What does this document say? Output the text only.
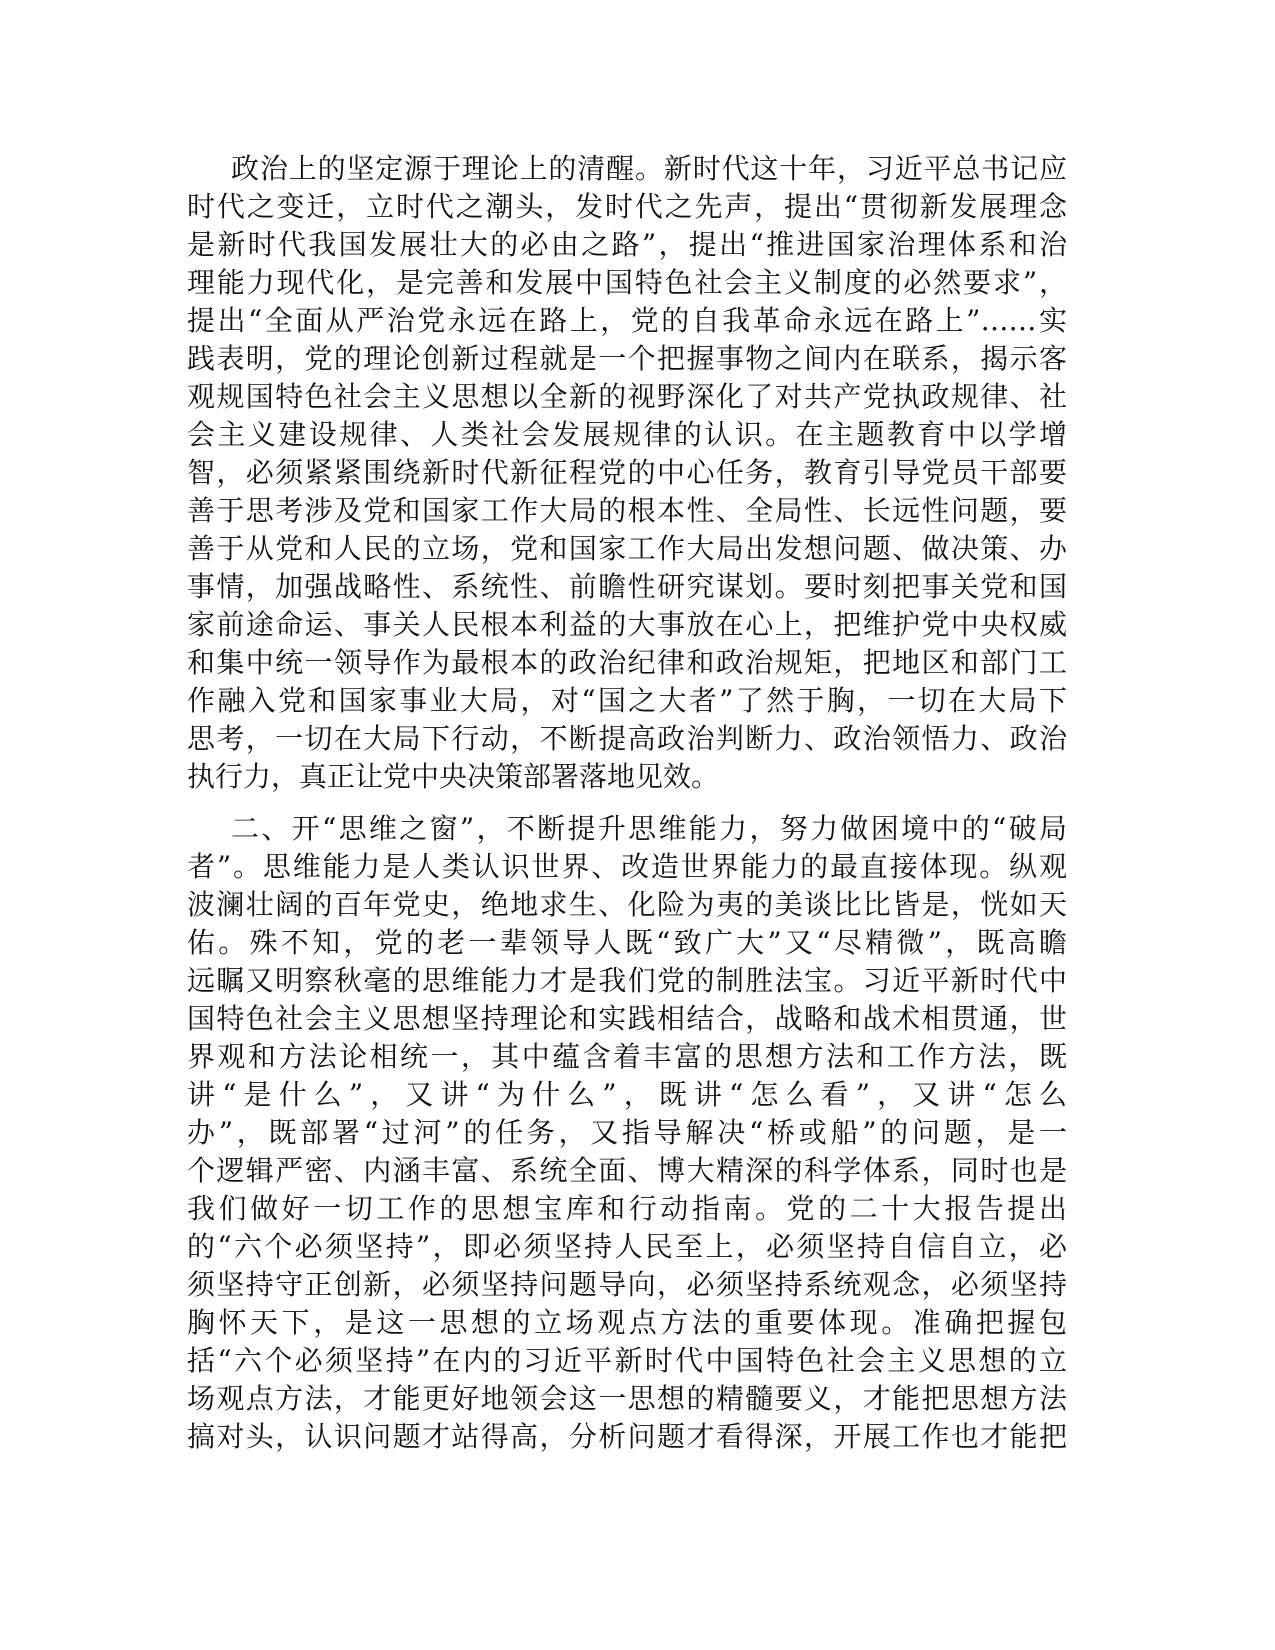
政治上的坚定源于理论上的清醒。新时代这十年，习近平总书记应
时代之变迁，立时代之潮头，发时代之先声，提出“贯彻新发展理念
是新时代我国发展壮大的必由之路”，提出“推进国家治理体系和治
理能力现代化，是完善和发展中国特色社会主义制度的必然要求”，
提出“全面从严治党永远在路上，党的自我革命永远在路上”……实
践表明，党的理论创新过程就是一个把握事物之间内在联系，揭示客
观规国特色社会主义思想以全新的视野深化了对共产党执政规律、社
会主义建设规律、人类社会发展规律的认识。在主题教育中以学增
智，必须紧紧围绕新时代新征程党的中心任务，教育引导党员干部要
善于思考涉及党和国家工作大局的根本性、全局性、长远性问题，要
善于从党和人民的立场，党和国家工作大局出发想问题、做决策、办
事情，加强战略性、系统性、前瞻性研究谋划。要时刻把事关党和国
家前途命运、事关人民根本利益的大事放在心上，把维护党中央权威
和集中统一领导作为最根本的政治纪律和政治规矩，把地区和部门工
作融入党和国家事业大局，对“国之大者”了然于胸，一切在大局下
思考，一切在大局下行动，不断提高政治判断力、政治领悟力、政治
执行力，真正让党中央决策部署落地见效。
二、开“思维之窗”，不断提升思维能力，努力做困境中的“破局
者”。思维能力是人类认识世界、改造世界能力的最直接体现。纵观
波澜壮阔的百年党史，绝地求生、化险为夷的美谈比比皆是，恍如天
佑。殊不知，党的老一辈领导人既“致广大”又“尽精微”，既高瞻
远瞩又明察秋毫的思维能力才是我们党的制胜法宝。习近平新时代中
国特色社会主义思想坚持理论和实践相结合，战略和战术相贯通，世
界观和方法论相统一，其中蕴含着丰富的思想方法和工作方法，既
讲“是什么”，又讲“为什么”，既讲“怎么看”，又讲“怎么
办”，既部署“过河”的任务，又指导解决“桥或船”的问题，是一
个逻辑严密、内涵丰富、系统全面、博大精深的科学体系，同时也是
我们做好一切工作的思想宝库和行动指南。党的二十大报告提出
的“六个必须坚持”，即必须坚持人民至上，必须坚持自信自立，必
须坚持守正创新，必须坚持问题导向，必须坚持系统观念，必须坚持
胸怀天下，是这一思想的立场观点方法的重要体现。准确把握包
括“六个必须坚持”在内的习近平新时代中国特色社会主义思想的立
场观点方法，才能更好地领会这一思想的精髓要义，才能把思想方法
搞对头，认识问题才站得高，分析问题才看得深，开展工作也才能把
